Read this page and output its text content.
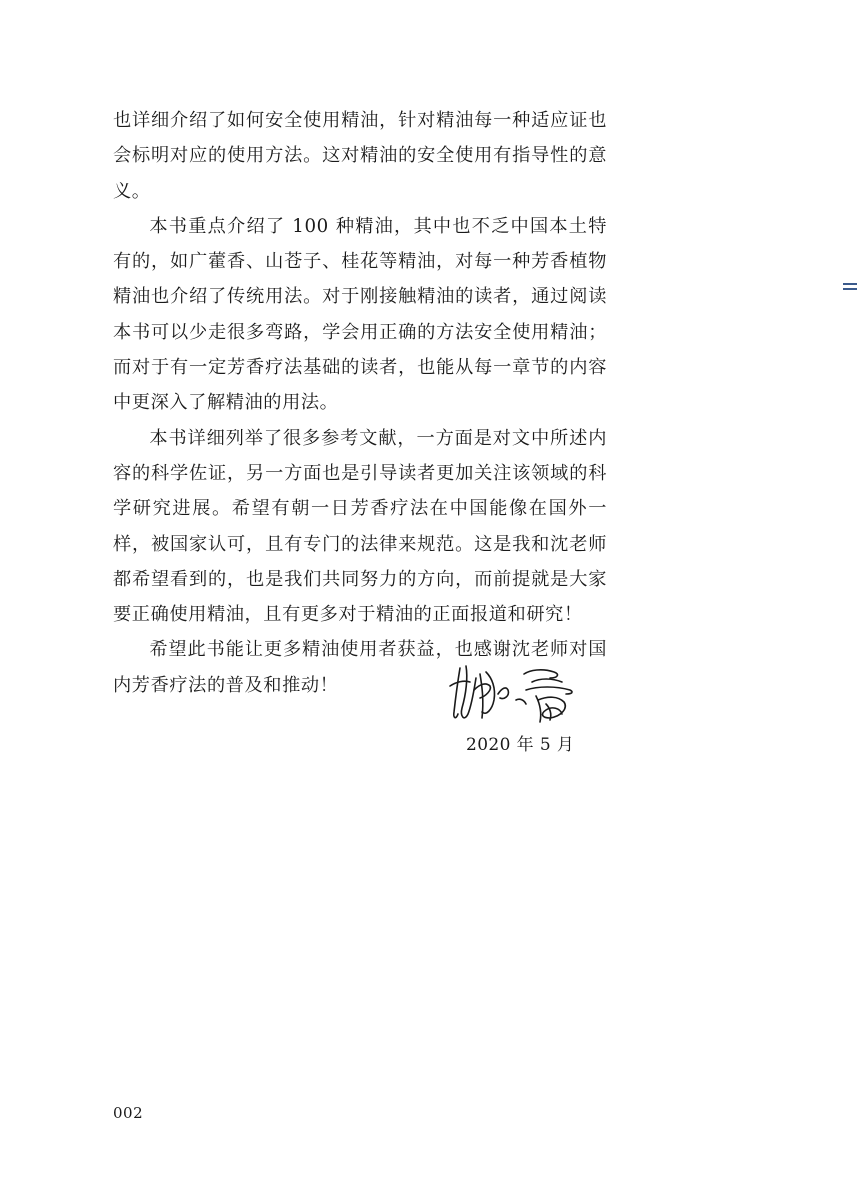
也详细介绍了如何安全使用精油，针对精油每一种适应证也会标明对应的使用方法。这对精油的安全使用有指导性的意义。

本书重点介绍了 100 种精油，其中也不乏中国本土特有的，如广藿香、山苍子、桂花等精油，对每一种芳香植物精油也介绍了传统用法。对于刚接触精油的读者，通过阅读本书可以少走很多弯路，学会用正确的方法安全使用精油；而对于有一定芳香疗法基础的读者，也能从每一章节的内容中更深入了解精油的用法。

本书详细列举了很多参考文献，一方面是对文中所述内容的科学佐证，另一方面也是引导读者更加关注该领域的科学研究进展。希望有朝一日芳香疗法在中国能像在国外一样，被国家认可，且有专门的法律来规范。这是我和沈老师都希望看到的，也是我们共同努力的方向，而前提就是大家要正确使用精油，且有更多对于精油的正面报道和研究！

希望此书能让更多精油使用者获益，也感谢沈老师对国内芳香疗法的普及和推动！

2020 年 5 月
002
